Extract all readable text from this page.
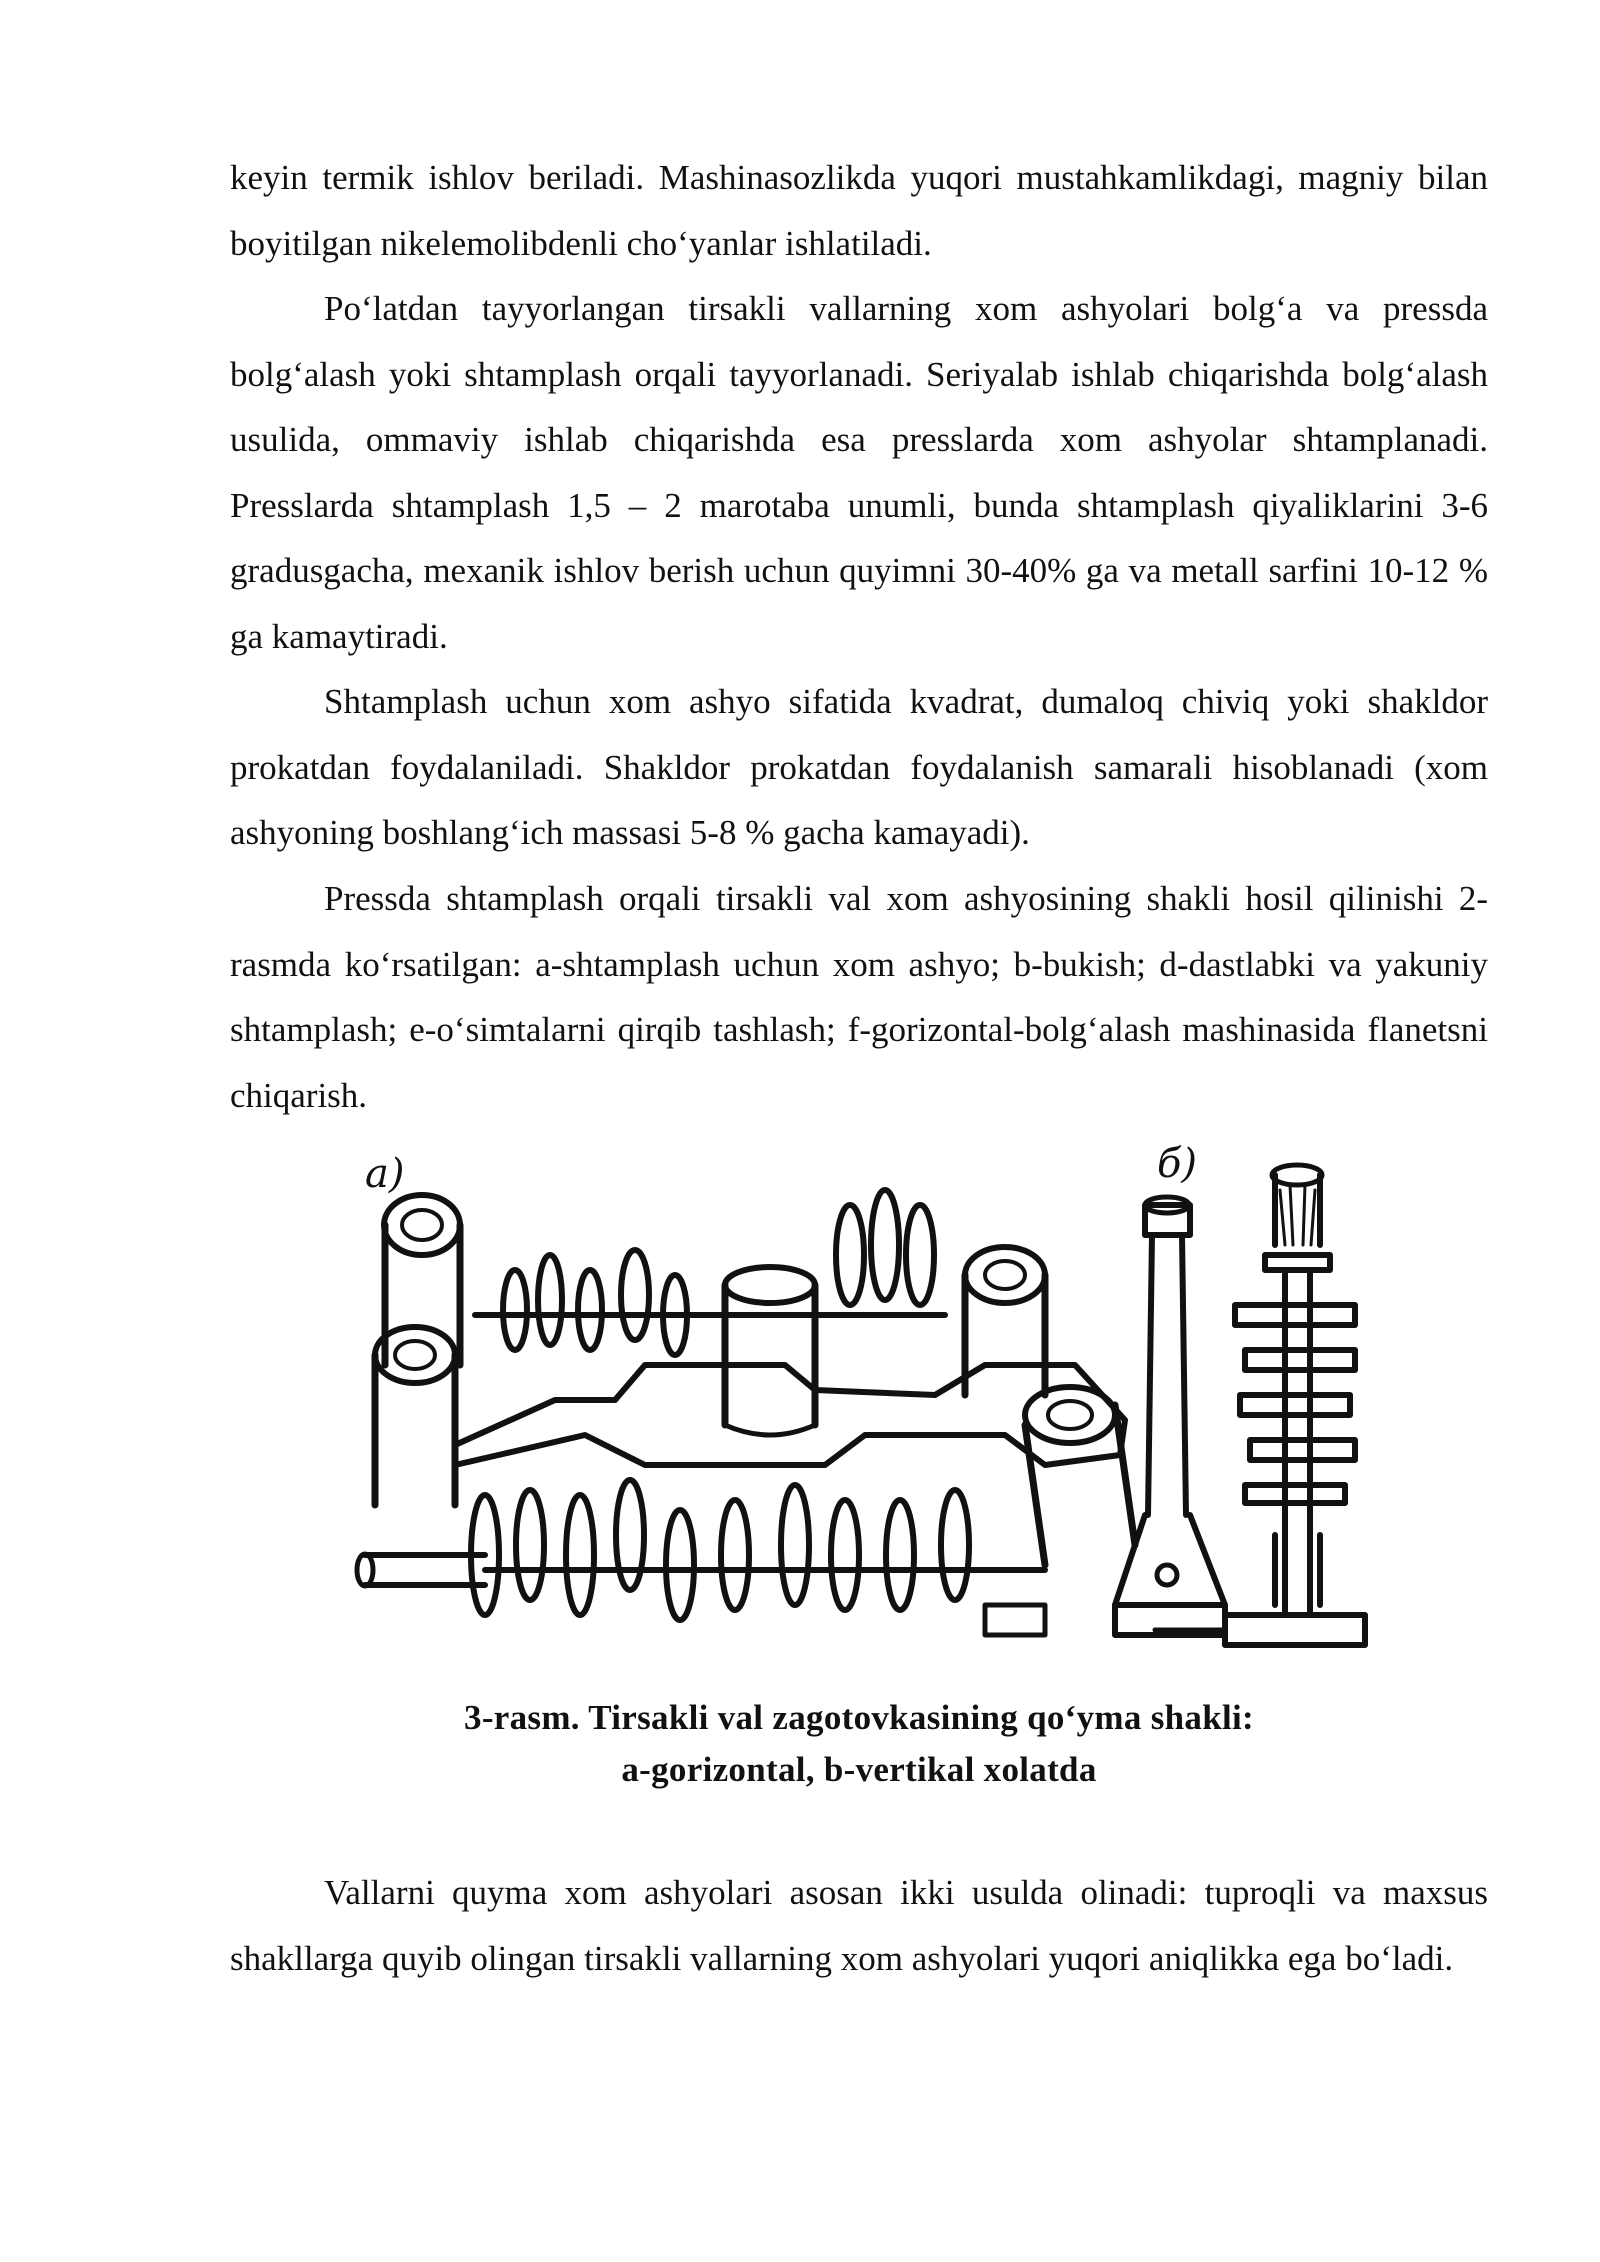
keyin termik ishlov beriladi. Mashinasozlikda yuqori mustahkamlikdagi, magniy bilan boyitilgan nikelemolibdenli cho‘yanlar ishlatiladi.

Po‘latdan tayyorlangan tirsakli vallarning xom ashyolari bolg‘a va pressda bolg‘alash yoki shtamplash orqali tayyorlanadi. Seriyalab ishlab chiqarishda bolg‘alash usulida, ommaviy ishlab chiqarishda esa presslarda xom ashyolar shtamplanadi. Presslarda shtamplash 1,5 – 2 marotaba unumli, bunda shtamplash qiyaliklarini 3-6 gradusgacha, mexanik ishlov berish uchun quyimni 30-40% ga va metall sarfini 10-12 % ga kamaytiradi.

Shtamplash uchun xom ashyo sifatida kvadrat, dumaloq chiviq yoki shakldor prokatdan foydalaniladi. Shakldor prokatdan foydalanish samarali hisoblanadi (xom ashyoning boshlang‘ich massasi 5-8 % gacha kamayadi).

Pressda shtamplash orqali tirsakli val xom ashyosining shakli hosil qilinishi 2-rasmda ko‘rsatilgan: a-shtamplash uchun xom ashyo; b-bukish; d-dastlabki va yakuniy shtamplash; e-o‘simtalarni qirqib tashlash; f-gorizontal-bolg‘alash mashinasida flanetsni chiqarish.

а)	б)

3-rasm. Tirsakli val zagotovkasining qo‘yma shakli:

a-gorizontal, b-vertikal xolatda

Vallarni quyma xom ashyolari asosan ikki usulda olinadi: tuproqli va maxsus shakllarga quyib olingan tirsakli vallarning xom ashyolari yuqori aniqlikka ega bo‘ladi.
